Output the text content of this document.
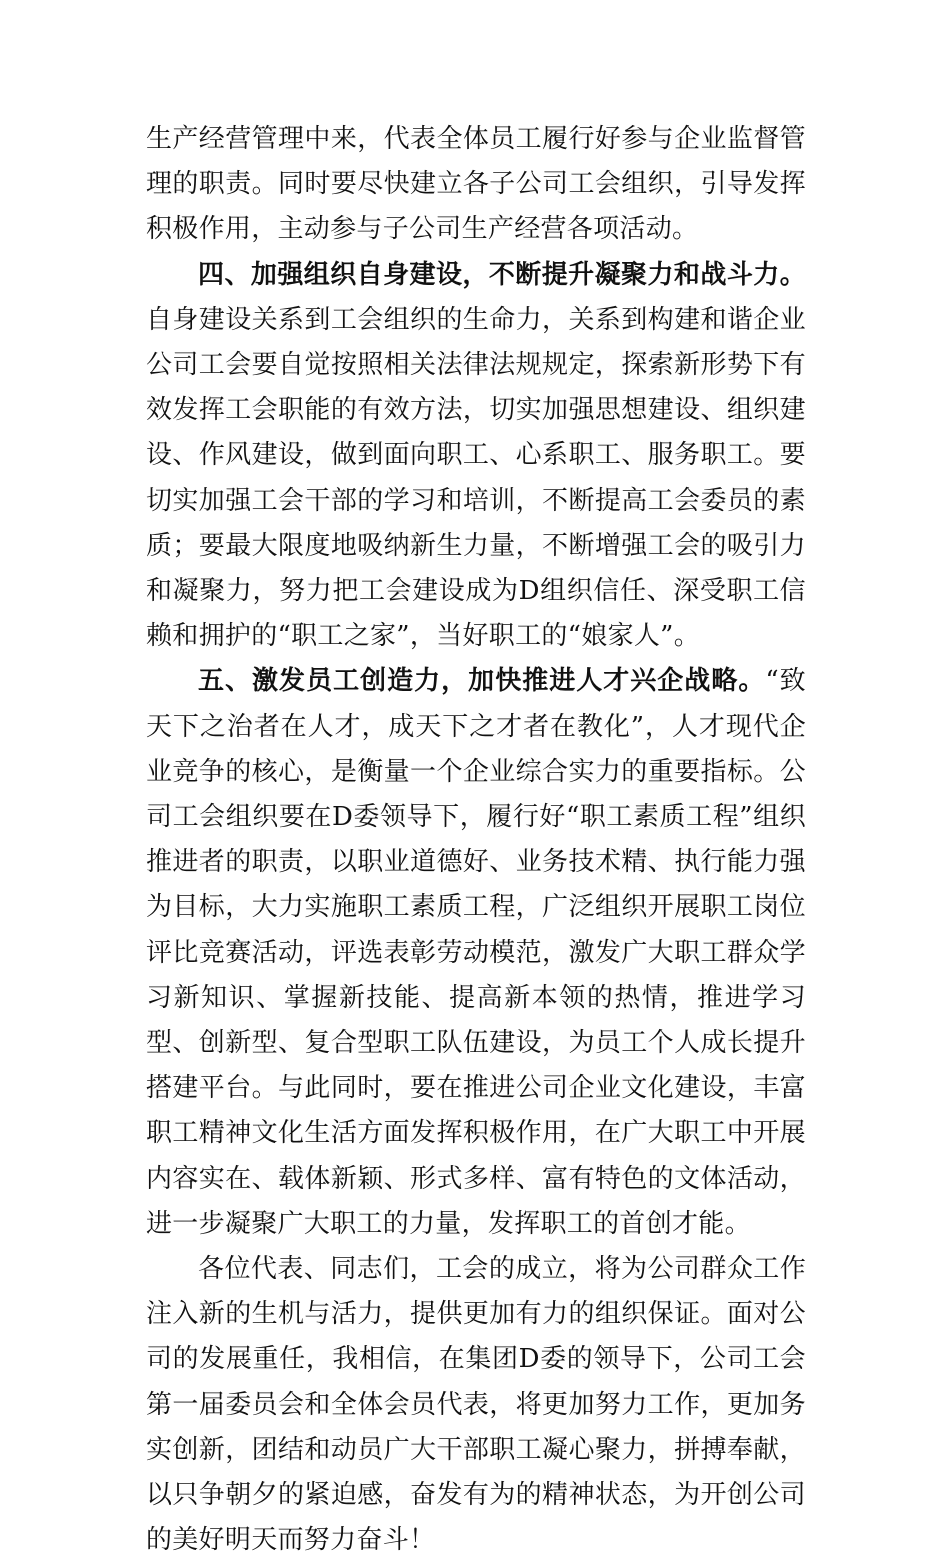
生产经营管理中来，代表全体员工履行好参与企业监督管理的职责。同时要尽快建立各子公司工会组织，引导发挥积极作用，主动参与子公司生产经营各项活动。

四、加强组织自身建设，不断提升凝聚力和战斗力。自身建设关系到工会组织的生命力，关系到构建和谐企业公司工会要自觉按照相关法律法规规定，探索新形势下有效发挥工会职能的有效方法，切实加强思想建设、组织建设、作风建设，做到面向职工、心系职工、服务职工。要切实加强工会干部的学习和培训，不断提高工会委员的素质；要最大限度地吸纳新生力量，不断增强工会的吸引力和凝聚力，努力把工会建设成为D组织信任、深受职工信赖和拥护的“职工之家”，当好职工的“娘家人”。

五、激发员工创造力，加快推进人才兴企战略。“致天下之治者在人才，成天下之才者在教化”，人才现代企业竞争的核心，是衡量一个企业综合实力的重要指标。公司工会组织要在D委领导下，履行好“职工素质工程”组织推进者的职责，以职业道德好、业务技术精、执行能力强为目标，大力实施职工素质工程，广泛组织开展职工岗位评比竞赛活动，评选表彰劳动模范，激发广大职工群众学习新知识、掌握新技能、提高新本领的热情，推进学习型、创新型、复合型职工队伍建设，为员工个人成长提升搭建平台。与此同时，要在推进公司企业文化建设，丰富职工精神文化生活方面发挥积极作用，在广大职工中开展内容实在、载体新颖、形式多样、富有特色的文体活动，进一步凝聚广大职工的力量，发挥职工的首创才能。

各位代表、同志们，工会的成立，将为公司群众工作注入新的生机与活力，提供更加有力的组织保证。面对公司的发展重任，我相信，在集团D委的领导下，公司工会第一届委员会和全体会员代表，将更加努力工作，更加务实创新，团结和动员广大干部职工凝心聚力，拼搏奉献，以只争朝夕的紧迫感，奋发有为的精神状态，为开创公司的美好明天而努力奋斗！
